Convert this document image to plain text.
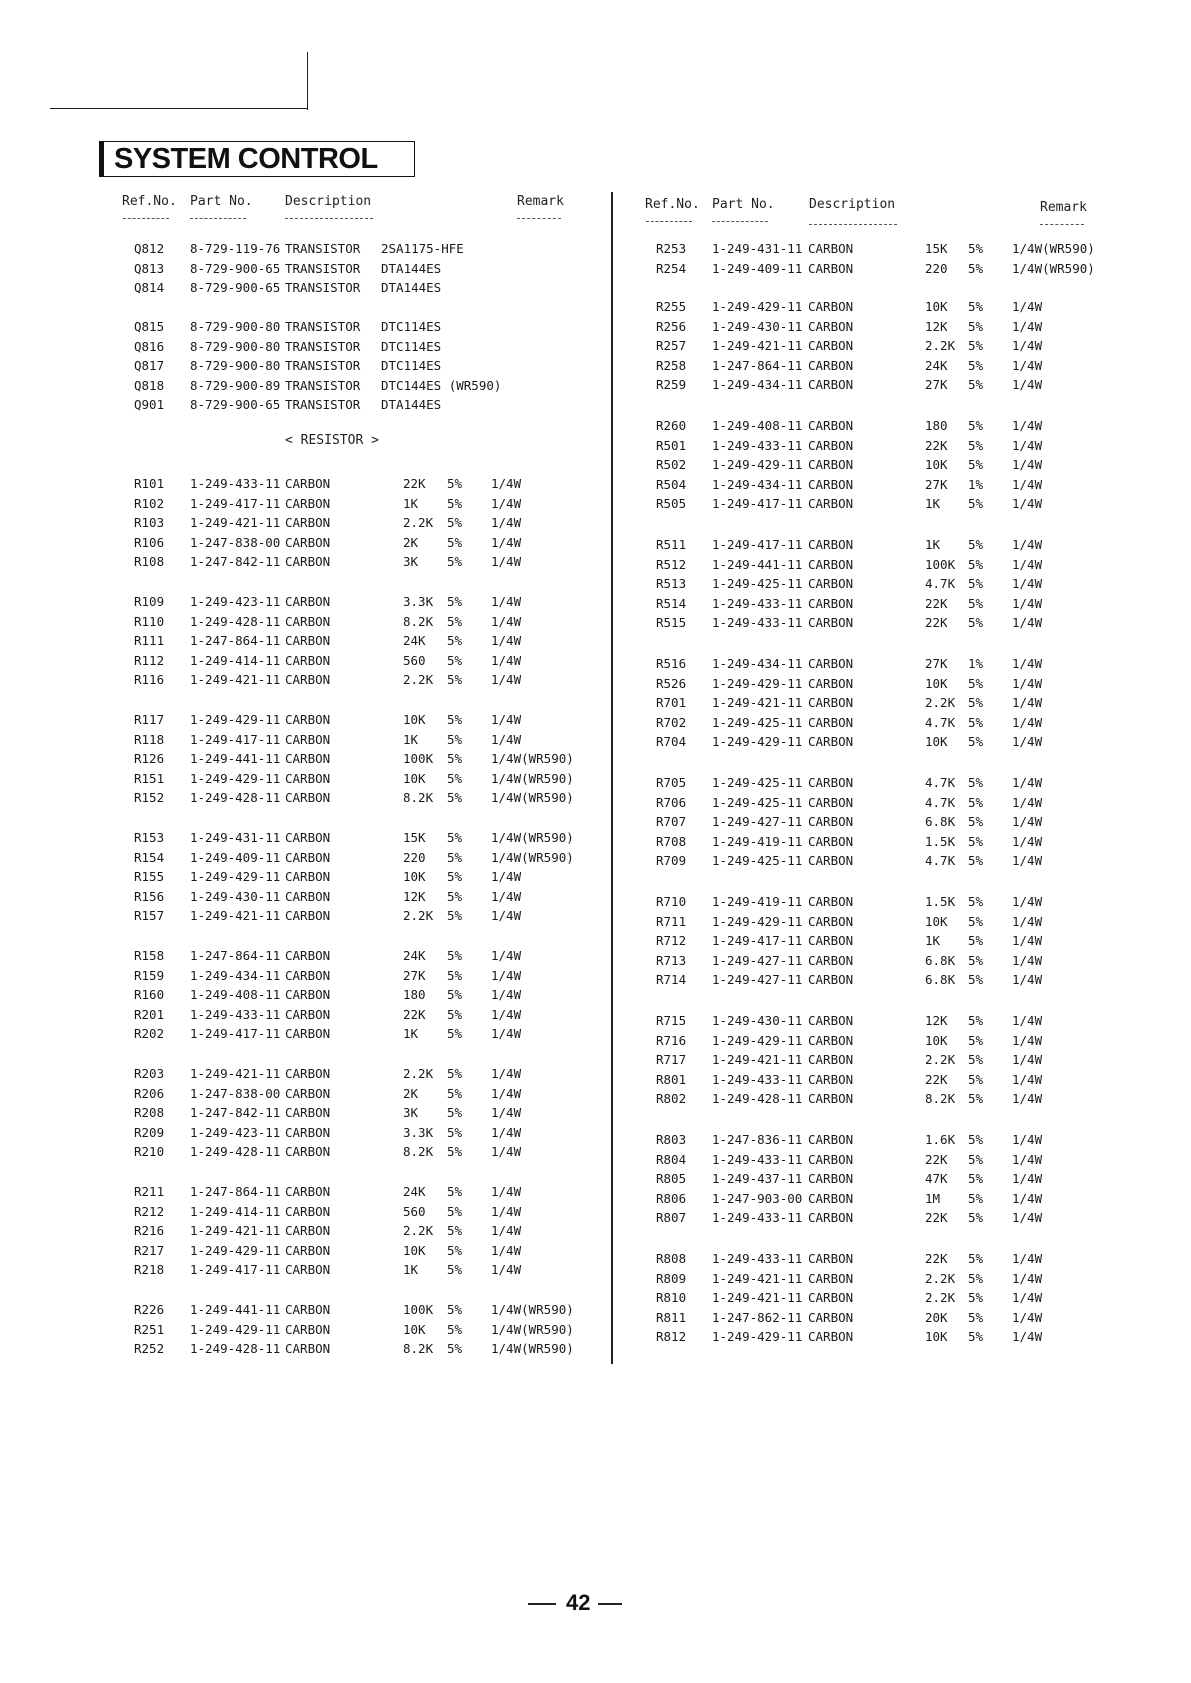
SYSTEM CONTROL
Ref.No. Part No. Description	Remark	Ref.No. Part No.	Description	Remark
< RESISTOR >
Q812 8-729-119-76 TRANSISTOR 2SA1175-HFE
Q813 8-729-900-65 TRANSISTOR DTA144ES
Q814 8-729-900-65 TRANSISTOR DTA144ES
Q815 8-729-900-80 TRANSISTOR DTC114ES
Q816 8-729-900-80 TRANSISTOR DTC114ES
Q817 8-729-900-80 TRANSISTOR DTC114ES
Q818 8-729-900-89 TRANSISTOR DTC144ES (WR590)
Q901 8-729-900-65 TRANSISTOR DTA144ES
R101 1-249-433-11 CARBON	22K 5% 1/4W
R102 1-249-417-11 CARBON	1K 5% 1/4W
R103 1-249-421-11 CARBON	2.2K 5% 1/4W
R106 1-247-838-00 CARBON	2K 5% 1/4W
R108 1-247-842-11 CARBON	3K 5% 1/4W
R109 1-249-423-11 CARBON	3.3K 5% 1/4W
R110 1-249-428-11 CARBON	8.2K 5% 1/4W
R111 1-247-864-11 CARBON	24K 5% 1/4W
R112 1-249-414-11 CARBON	560 5% 1/4W
R116 1-249-421-11 CARBON	2.2K 5% 1/4W
R117 1-249-429-11 CARBON	10K 5% 1/4W
R118 1-249-417-11 CARBON	1K 5% 1/4W
R126 1-249-441-11 CARBON	100K 5% 1/4W(WR590)
R151 1-249-429-11 CARBON	10K 5% 1/4W(WR590)
R152 1-249-428-11 CARBON	8.2K 5% 1/4W(WR590)
R153 1-249-431-11 CARBON	15K 5% 1/4W(WR590)
R154 1-249-409-11 CARBON	220 5% 1/4W(WR590)
R155 1-249-429-11 CARBON	10K 5% 1/4W
R156 1-249-430-11 CARBON	12K 5% 1/4W
R157 1-249-421-11 CARBON	2.2K 5% 1/4W
R158 1-247-864-11 CARBON	24K 5% 1/4W
R159 1-249-434-11 CARBON	27K 5% 1/4W
R160 1-249-408-11 CARBON	180 5% 1/4W
R201 1-249-433-11 CARBON	22K 5% 1/4W
R202 1-249-417-11 CARBON	1K 5% 1/4W
R203 1-249-421-11 CARBON	2.2K 5% 1/4W
R206 1-247-838-00 CARBON	2K 5% 1/4W
R208 1-247-842-11 CARBON	3K 5% 1/4W
R209 1-249-423-11 CARBON	3.3K 5% 1/4W
R210 1-249-428-11 CARBON	8.2K 5% 1/4W
R211 1-247-864-11 CARBON	24K 5% 1/4W
R212 1-249-414-11 CARBON	560 5% 1/4W
R216 1-249-421-11 CARBON	2.2K 5% 1/4W
R217 1-249-429-11 CARBON	10K 5% 1/4W
R218 1-249-417-11 CARBON	1K 5% 1/4W
R226 1-249-441-11 CARBON	100K 5% 1/4W(WR590)
R251 1-249-429-11 CARBON	10K 5% 1/4W(WR590)
R252 1-249-428-11 CARBON	8.2K 5% 1/4W(WR590)
R253 1-249-431-11 CARBON	15K 5% 1/4W(WR590)
R254 1-249-409-11 CARBON	220 5% 1/4W(WR590)
R255 1-249-429-11 CARBON	10K 5% 1/4W
R256 1-249-430-11 CARBON	12K 5% 1/4W
R257 1-249-421-11 CARBON	2.2K 5% 1/4W
R258 1-247-864-11 CARBON	24K 5% 1/4W
R259 1-249-434-11 CARBON	27K 5% 1/4W
R260 1-249-408-11 CARBON	180 5% 1/4W
R501 1-249-433-11 CARBON	22K 5% 1/4W
R502 1-249-429-11 CARBON	10K 5% 1/4W
R504 1-249-434-11 CARBON	27K 1% 1/4W
R505 1-249-417-11 CARBON	1K 5% 1/4W
R511 1-249-417-11 CARBON	1K 5% 1/4W
R512 1-249-441-11 CARBON	100K 5% 1/4W
R513 1-249-425-11 CARBON	4.7K 5% 1/4W
R514 1-249-433-11 CARBON	22K 5% 1/4W
R515 1-249-433-11 CARBON	22K 5% 1/4W
R516 1-249-434-11 CARBON	27K 1% 1/4W
R526 1-249-429-11 CARBON	10K 5% 1/4W
R701 1-249-421-11 CARBON	2.2K 5% 1/4W
R702 1-249-425-11 CARBON	4.7K 5% 1/4W
R704 1-249-429-11 CARBON	10K 5% 1/4W
R705 1-249-425-11 CARBON	4.7K 5% 1/4W
R706 1-249-425-11 CARBON	4.7K 5% 1/4W
R707 1-249-427-11 CARBON	6.8K 5% 1/4W
R708 1-249-419-11 CARBON	1.5K 5% 1/4W
R709 1-249-425-11 CARBON	4.7K 5% 1/4W
R710 1-249-419-11 CARBON	1.5K 5% 1/4W
R711 1-249-429-11 CARBON	10K 5% 1/4W
R712 1-249-417-11 CARBON	1K 5% 1/4W
R713 1-249-427-11 CARBON	6.8K 5% 1/4W
R714 1-249-427-11 CARBON	6.8K 5% 1/4W
R715 1-249-430-11 CARBON	12K 5% 1/4W
R716 1-249-429-11 CARBON	10K 5% 1/4W
R717 1-249-421-11 CARBON	2.2K 5% 1/4W
R801 1-249-433-11 CARBON	22K 5% 1/4W
R802 1-249-428-11 CARBON	8.2K 5% 1/4W
R803 1-247-836-11 CARBON	1.6K 5% 1/4W
R804 1-249-433-11 CARBON	22K 5% 1/4W
R805 1-249-437-11 CARBON	47K 5% 1/4W
R806 1-247-903-00 CARBON	1M 5% 1/4W
R807 1-249-433-11 CARBON	22K 5% 1/4W
R808 1-249-433-11 CARBON	22K 5% 1/4W
R809 1-249-421-11 CARBON	2.2K 5% 1/4W
R810 1-249-421-11 CARBON	2.2K 5% 1/4W
R811 1-247-862-11 CARBON	20K 5% 1/4W
R812 1-249-429-11 CARBON	10K 5% 1/4W
42
